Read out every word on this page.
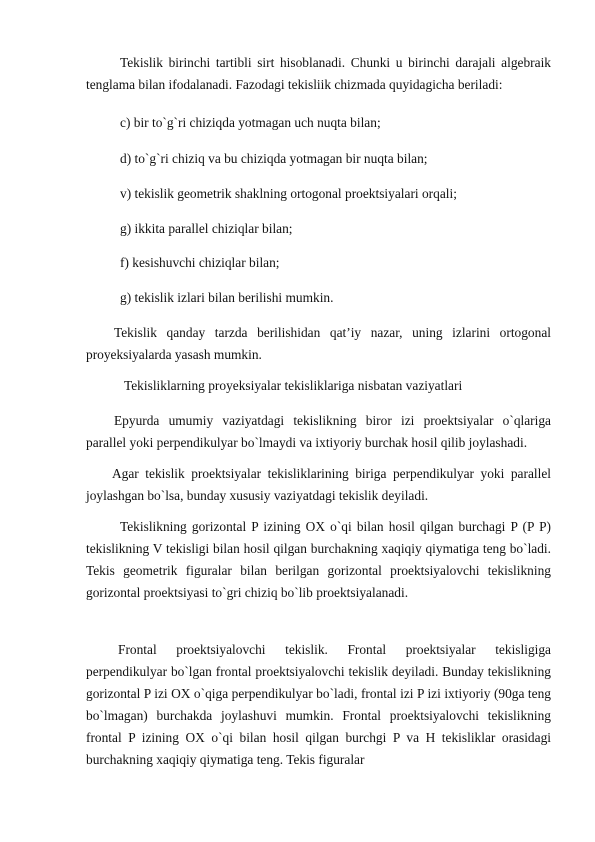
Tekislik birinchi tartibli sirt hisoblanadi. Chunki u birinchi darajali algebraik tenglama bilan ifodalanadi. Fazodagi tekisliik chizmada quyidagicha beriladi:

c) bir to`g`ri chiziqda yotmagan uch nuqta bilan;

d) to`g`ri chiziq va bu chiziqda yotmagan bir nuqta bilan;

v) tekislik geometrik shaklning ortogonal proektsiyalari orqali;

g) ikkita parallel chiziqlar bilan;

f) kesishuvchi chiziqlar bilan;

g) tekislik izlari bilan berilishi mumkin.

Tekislik qanday tarzda berilishidan qat’iy nazar, uning izlarini ortogonal proyeksiyalarda yasash mumkin.

Tekisliklarning proyeksiyalar tekisliklariga nisbatan vaziyatlari

Epyurda umumiy vaziyatdagi tekislikning biror izi proektsiyalar o`qlariga parallel yoki perpendikulyar bo`lmaydi va ixtiyoriy burchak hosil qilib joylashadi.

Agar tekislik proektsiyalar tekisliklarining biriga perpendikulyar yoki parallel joylashgan bo`lsa, bunday xususiy vaziyatdagi tekislik deyiladi.

Tekislikning gorizontal P izining OX o`qi bilan hosil qilgan burchagi P (P P) tekislikning V tekisligi bilan hosil qilgan burchakning xaqiqiy qiymatiga teng bo`ladi. Tekis geometrik figuralar bilan berilgan gorizontal proektsiyalovchi tekislikning gorizontal proektsiyasi to`gri chiziq bo`lib proektsiyalanadi.

Frontal proektsiyalovchi tekislik. Frontal proektsiyalar tekisligiga perpendikulyar bo`lgan frontal proektsiyalovchi tekislik deyiladi. Bunday tekislikning gorizontal P izi OX o`qiga perpendikulyar bo`ladi, frontal izi P izi ixtiyoriy (90ga teng bo`lmagan) burchakda joylashuvi mumkin. Frontal proektsiyalovchi tekislikning frontal P izining OX o`qi bilan hosil qilgan burchgi P va H tekisliklar orasidagi burchakning xaqiqiy qiymatiga teng. Tekis figuralar
